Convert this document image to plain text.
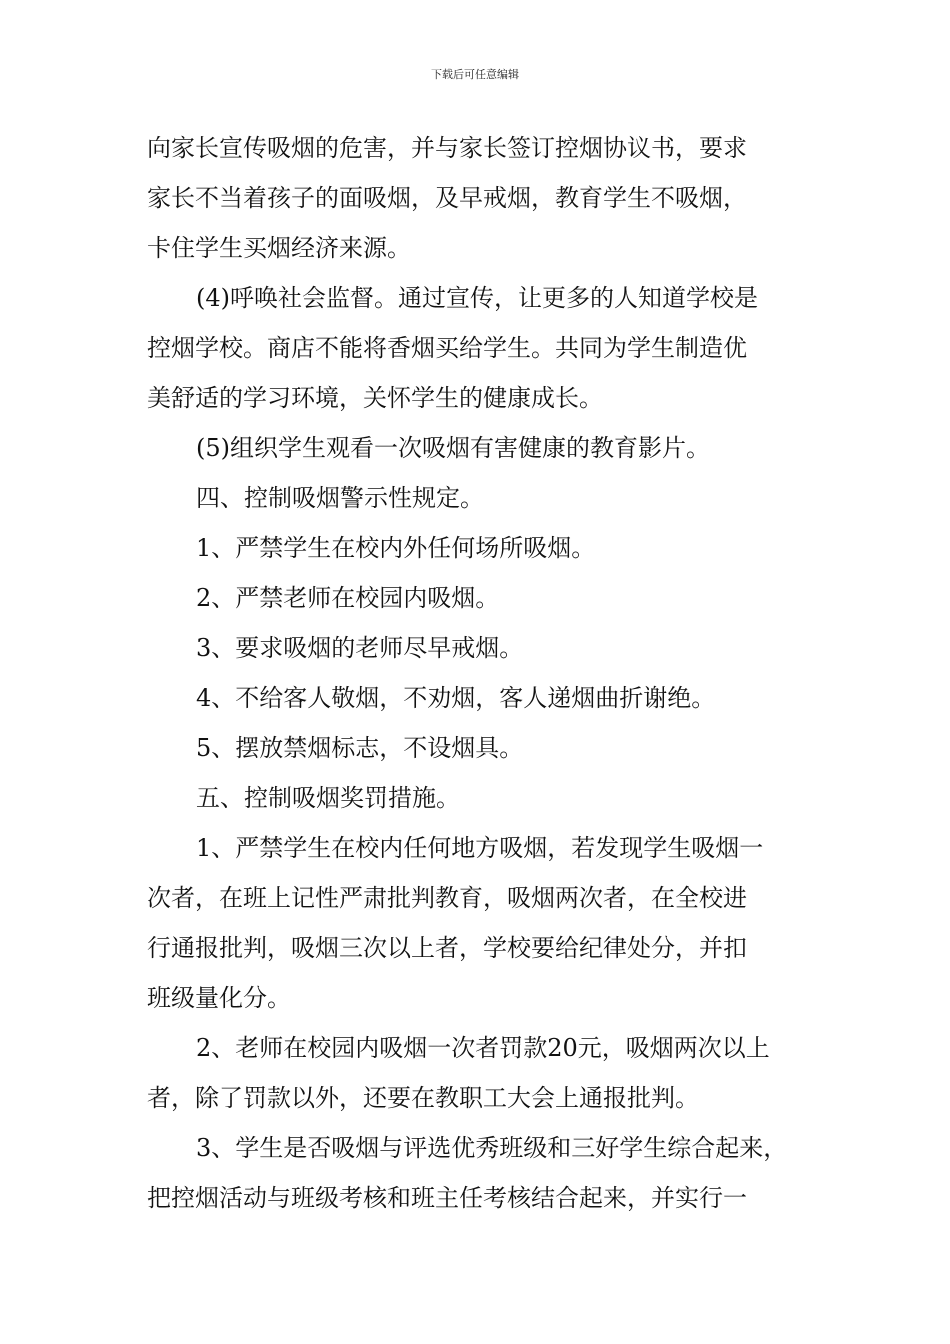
下载后可任意编辑
向家长宣传吸烟的危害，并与家长签订控烟协议书，要求
家长不当着孩子的面吸烟，及早戒烟，教育学生不吸烟，
卡住学生买烟经济来源。
(4)呼唤社会监督。通过宣传，让更多的人知道学校是
控烟学校。商店不能将香烟买给学生。共同为学生制造优
美舒适的学习环境，关怀学生的健康成长。
(5)组织学生观看一次吸烟有害健康的教育影片。
四、控制吸烟警示性规定。
1、严禁学生在校内外任何场所吸烟。
2、严禁老师在校园内吸烟。
3、要求吸烟的老师尽早戒烟。
4、不给客人敬烟，不劝烟，客人递烟曲折谢绝。
5、摆放禁烟标志，不设烟具。
五、控制吸烟奖罚措施。
1、严禁学生在校内任何地方吸烟，若发现学生吸烟一
次者，在班上记性严肃批判教育，吸烟两次者，在全校进
行通报批判，吸烟三次以上者，学校要给纪律处分，并扣
班级量化分。
2、老师在校园内吸烟一次者罚款20元，吸烟两次以上
者，除了罚款以外，还要在教职工大会上通报批判。
3、学生是否吸烟与评选优秀班级和三好学生综合起来，
把控烟活动与班级考核和班主任考核结合起来，并实行一
